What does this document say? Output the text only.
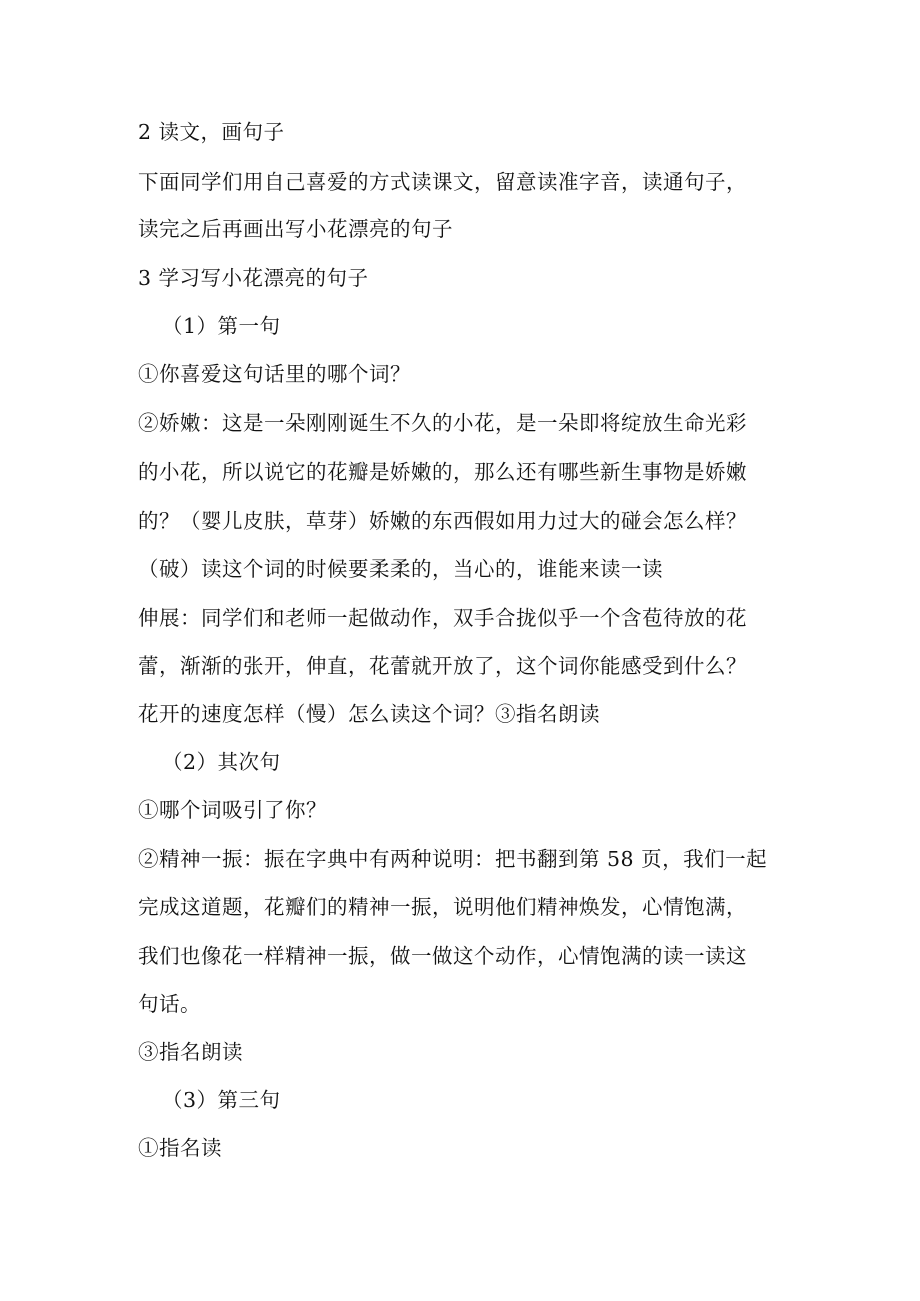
2 读文，画句子
下面同学们用自己喜爱的方式读课文，留意读准字音，读通句子，
读完之后再画出写小花漂亮的句子
3 学习写小花漂亮的句子
（1）第一句
①你喜爱这句话里的哪个词？
②娇嫩：这是一朵刚刚诞生不久的小花，是一朵即将绽放生命光彩
的小花，所以说它的花瓣是娇嫩的，那么还有哪些新生事物是娇嫩
的？（婴儿皮肤，草芽）娇嫩的东西假如用力过大的碰会怎么样？
（破）读这个词的时候要柔柔的，当心的，谁能来读一读
伸展：同学们和老师一起做动作，双手合拢似乎一个含苞待放的花
蕾，渐渐的张开，伸直，花蕾就开放了，这个词你能感受到什么？
花开的速度怎样（慢）怎么读这个词？③指名朗读
（2）其次句
①哪个词吸引了你？
②精神一振：振在字典中有两种说明：把书翻到第 58 页，我们一起
完成这道题，花瓣们的精神一振，说明他们精神焕发，心情饱满，
我们也像花一样精神一振，做一做这个动作，心情饱满的读一读这
句话。
③指名朗读
（3）第三句
①指名读
